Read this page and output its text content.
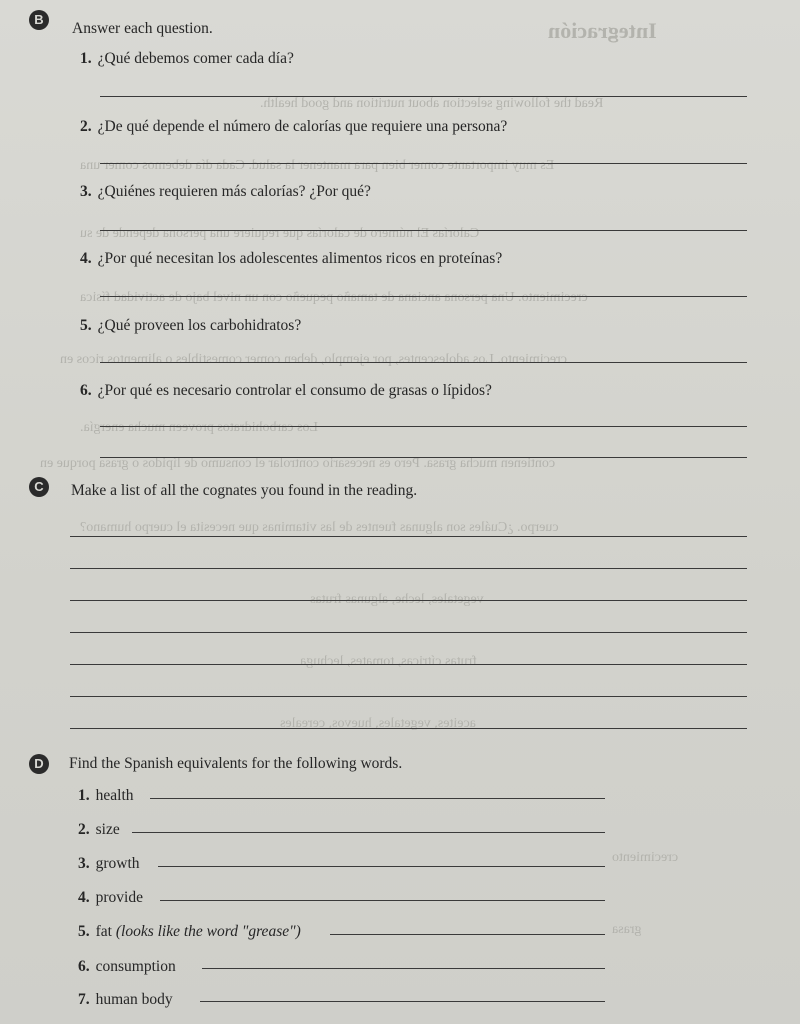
Integración
Read the following selection about nutrition and good health.
Es muy importante comer bien para mantener la salud. Cada día debemos comer una
Calorías El número de calorías que requiere una persona depende de su
crecimiento. Una persona anciana de tamaño pequeño con un nivel bajo de actividad física
crecimiento. Los adolescentes, por ejemplo, deben comer comestibles o alimentos ricos en
Los carbohidratos proveen mucha energía.
contienen mucha grasa. Pero es necesario controlar el consumo de lípidos o grasa porque en
cuerpo. ¿Cuáles son algunas fuentes de las vitaminas que necesita el cuerpo humano?
vegetales, leche, algunas frutas
frutas cítricas, tomates, lechuga
aceites, vegetales, huevos, cereales
crecimiento
grasa
B
Answer each question.
1. ¿Qué debemos comer cada día?
2. ¿De qué depende el número de calorías que requiere una persona?
3. ¿Quiénes requieren más calorías? ¿Por qué?
4. ¿Por qué necesitan los adolescentes alimentos ricos en proteínas?
5. ¿Qué proveen los carbohidratos?
6. ¿Por qué es necesario controlar el consumo de grasas o lípidos?
C	Make a list of all the cognates you found in the reading.
D	Find the Spanish equivalents for the following words.
1. health
2. size
3. growth
4. provide
5. fat (looks like the word "grease")
6. consumption
7. human body
